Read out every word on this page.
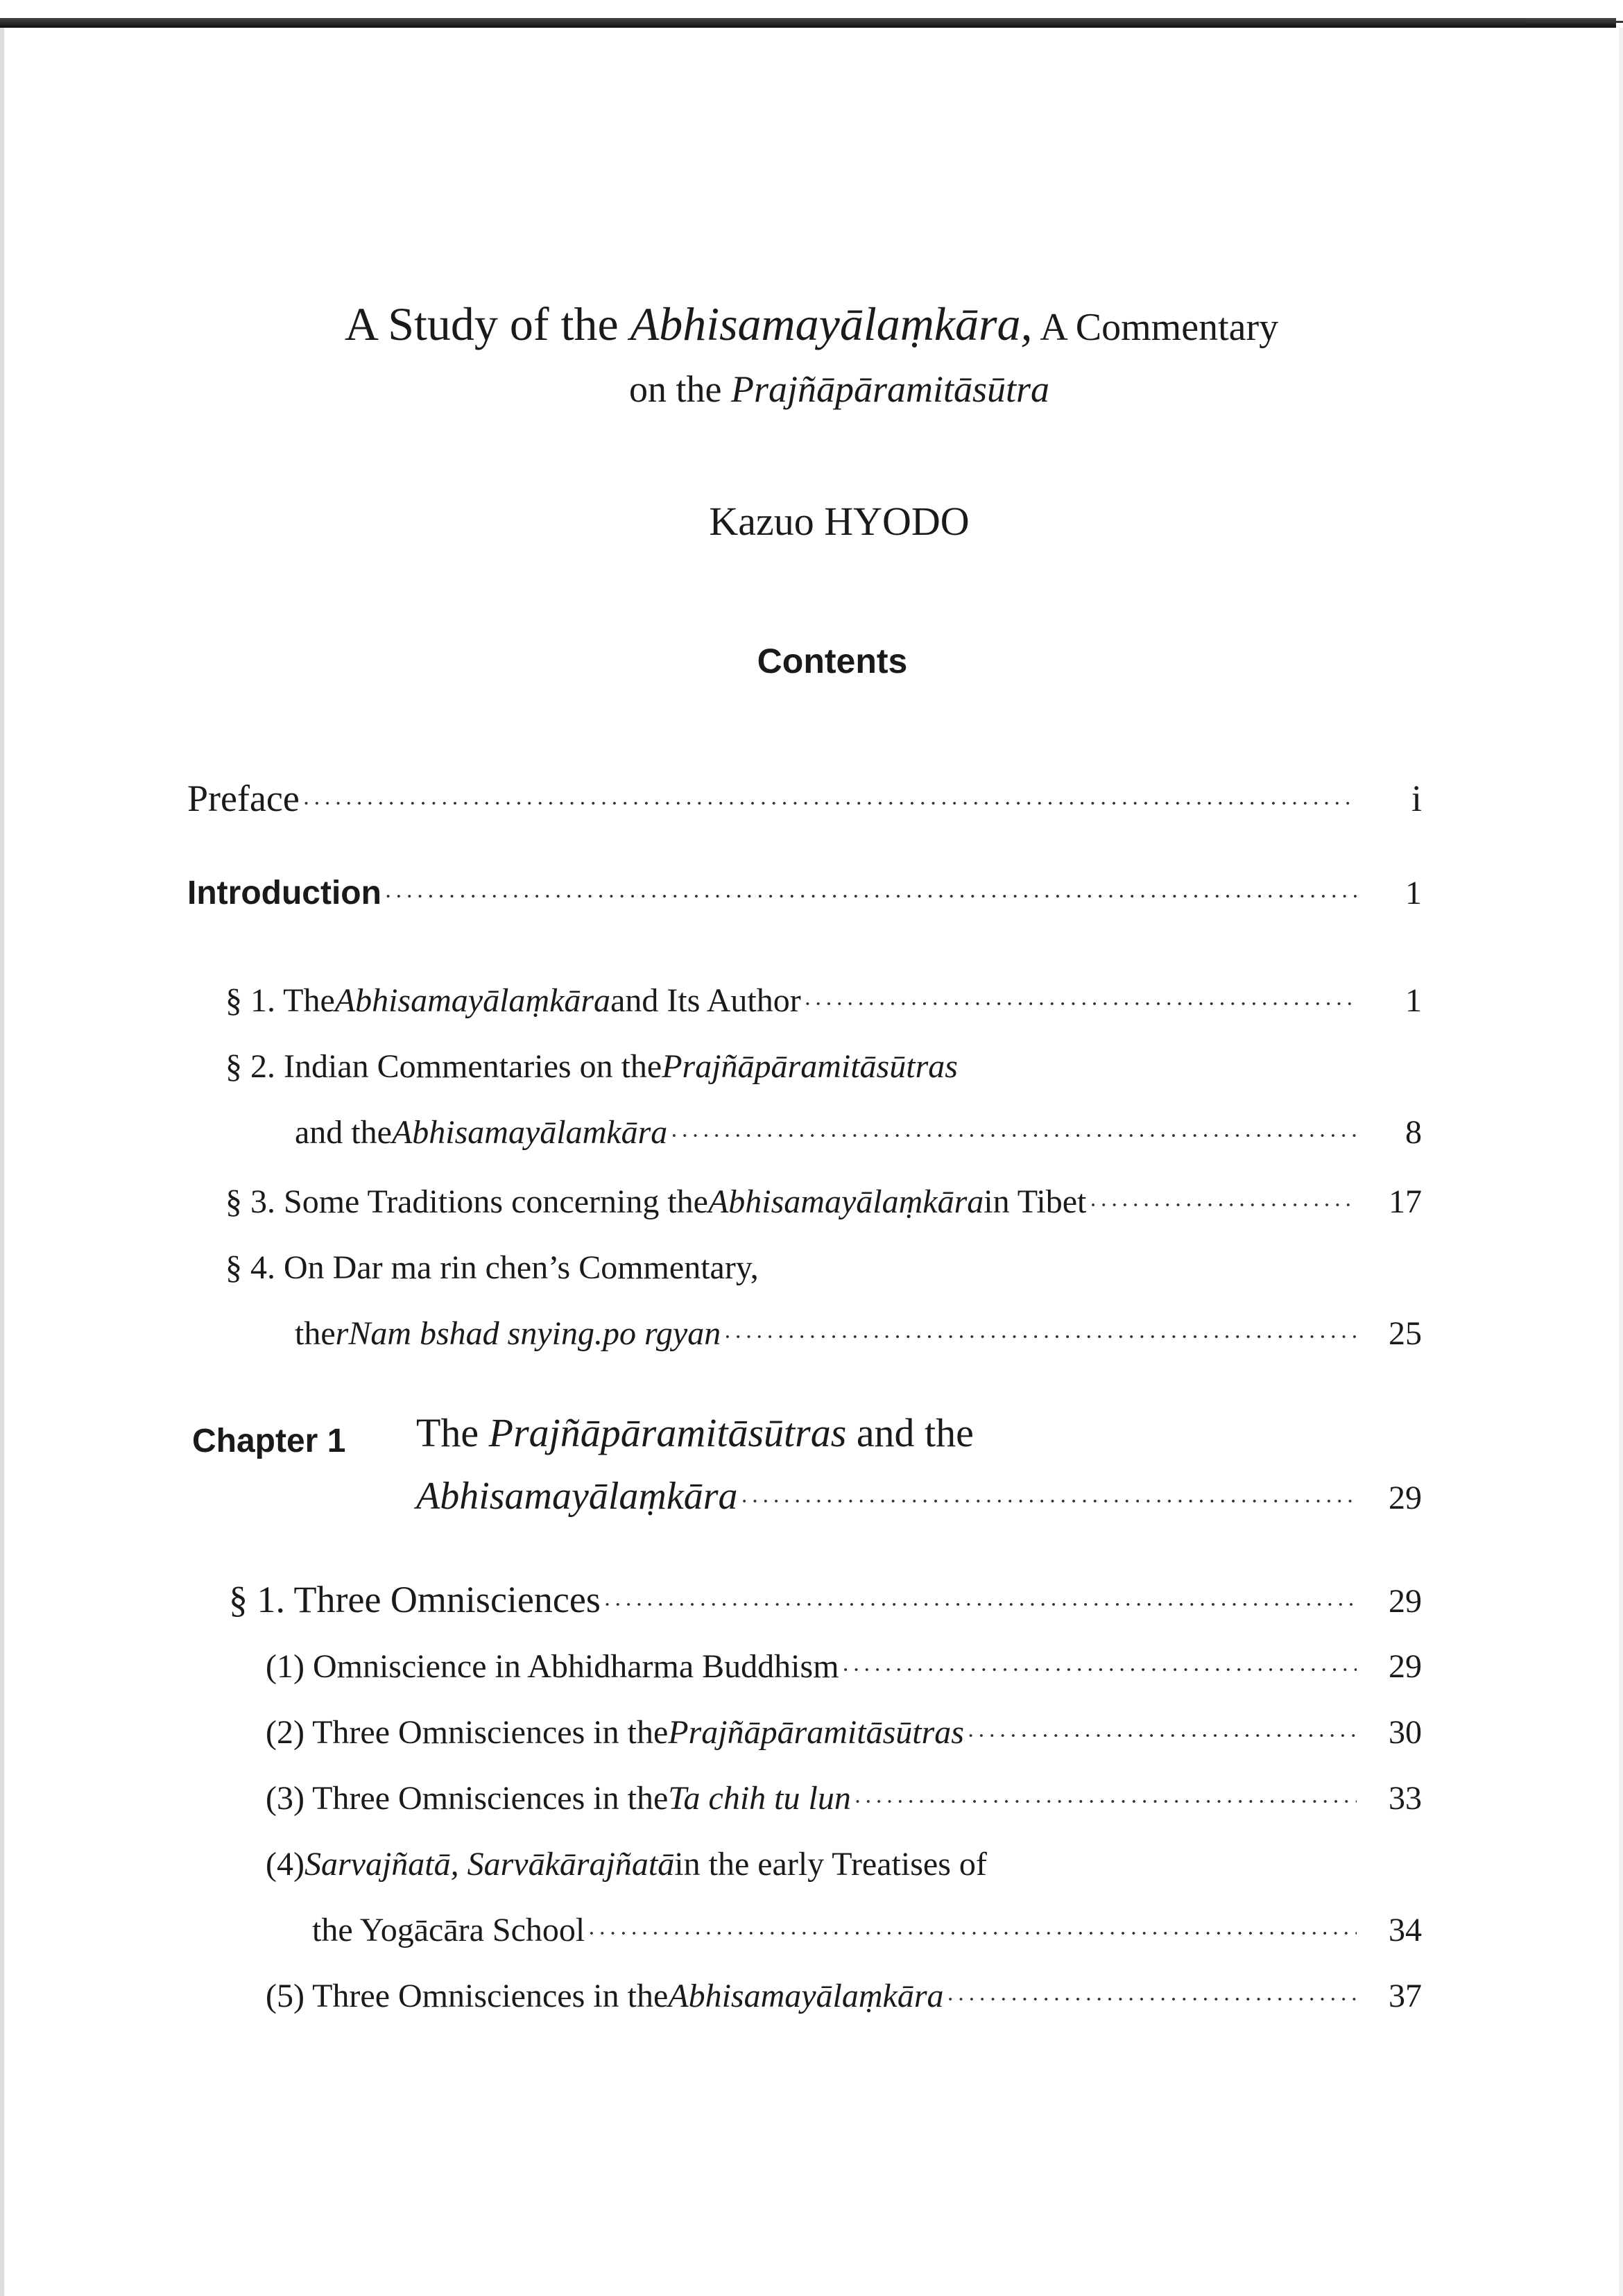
A Study of the Abhisamayālaṃkāra, A Commentary
on the Prajñāpāramitāsūtra
Kazuo HYODO
Contents
Preface ·····	i
Introduction ·····	1
§ 1. The Abhisamayālaṃkāra and Its Author ·····	1
§ 2. Indian Commentaries on the Prajñāpāramitāsūtras
and the Abhisamayālamkāra ·····	8
§ 3. Some Traditions concerning the Abhisamayālaṃkāra in Tibet ·····	17
§ 4. On Dar ma rin chen’s Commentary,
the rNam bshad snying.po rgyan ·····	25
Chapter 1 The Prajñāpāramitāsūtras and the
Abhisamayālaṃkāra ·····	29
§ 1. Three Omnisciences ·····	29
(1) Omniscience in Abhidharma Buddhism ·····	29
(2) Three Omnisciences in the Prajñāpāramitāsūtras ·····	30
(3) Three Omnisciences in the Ta chih tu lun ·····	33
(4) Sarvajñatā, Sarvākārajñatā in the early Treatises of
the Yogācāra School ·····	34
(5) Three Omnisciences in the Abhisamayālaṃkāra ·····	37
